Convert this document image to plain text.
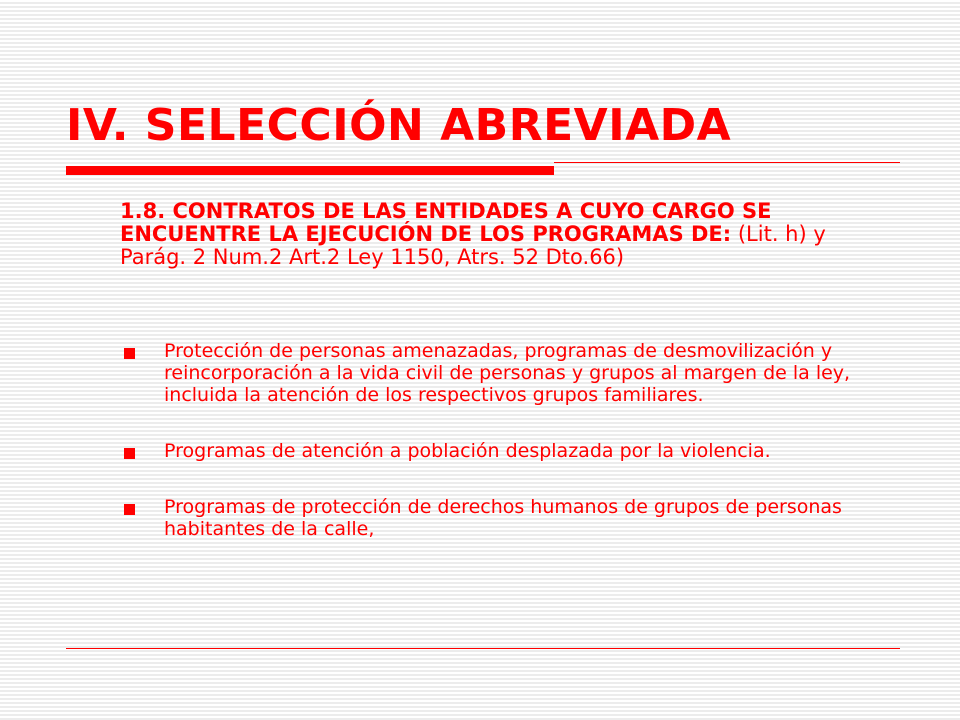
IV. SELECCIÓN ABREVIADA

1.8. CONTRATOS DE LAS ENTIDADES A CUYO CARGO SE ENCUENTRE LA EJECUCIÓN DE LOS PROGRAMAS DE: (Lit. h) y Parág. 2 Num.2 Art.2 Ley 1150, Atrs. 52 Dto.66)

Protección de personas amenazadas, programas de desmovilización y reincorporación a la vida civil de personas y grupos al margen de la ley, incluida la atención de los respectivos grupos familiares.
Programas de atención a población desplazada por la violencia.
Programas de protección de derechos humanos de grupos de personas habitantes de la calle,
